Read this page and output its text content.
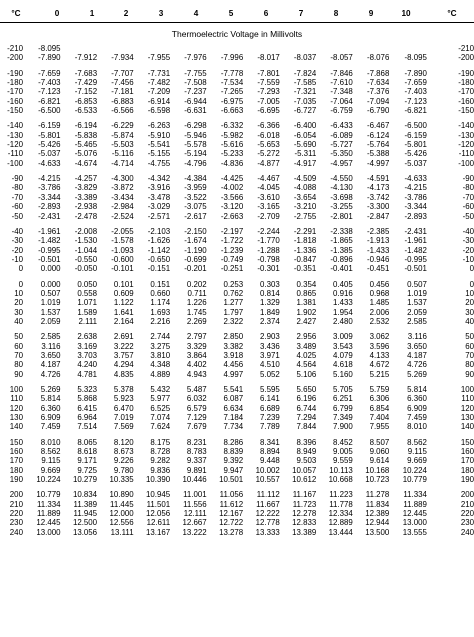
°C	0	1	2	3	4	5	6	7	8	9	10	°C
Thermoelectric Voltage in Millivolts
-210	-8.095											-210
-200	-7.890	-7.912	-7.934	-7.955	-7.976	-7.996	-8.017	-8.037	-8.057	-8.076	-8.095	-200

-190	-7.659	-7.683	-7.707	-7.731	-7.755	-7.778	-7.801	-7.824	-7.846	-7.868	-7.890	-190
-180	-7.403	-7.429	-7.456	-7.482	-7.508	-7.534	-7.559	-7.585	-7.610	-7.634	-7.659	-180
-170	-7.123	-7.152	-7.181	-7.209	-7.237	-7.265	-7.293	-7.321	-7.348	-7.376	-7.403	-170
-160	-6.821	-6.853	-6.883	-6.914	-6.944	-6.975	-7.005	-7.035	-7.064	-7.094	-7.123	-160
-150	-6.500	-6.533	-6.566	-6.598	-6.631	-6.663	-6.695	-6.727	-6.759	-6.790	-6.821	-150

-140	-6.159	-6.194	-6.229	-6.263	-6.298	-6.332	-6.366	-6.400	-6.433	-6.467	-6.500	-140
-130	-5.801	-5.838	-5.874	-5.910	-5.946	-5.982	-6.018	-6.054	-6.089	-6.124	-6.159	-130
-120	-5.426	-5.465	-5.503	-5.541	-5.578	-5.616	-5.653	-5.690	-5.727	-5.764	-5.801	-120
-110	-5.037	-5.076	-5.116	-5.155	-5.194	-5.233	-5.272	-5.311	-5.350	-5.388	-5.426	-110
-100	-4.633	-4.674	-4.714	-4.755	-4.796	-4.836	-4.877	-4.917	-4.957	-4.997	-5.037	-100

-90	-4.215	-4.257	-4.300	-4.342	-4.384	-4.425	-4.467	-4.509	-4.550	-4.591	-4.633	-90
-80	-3.786	-3.829	-3.872	-3.916	-3.959	-4.002	-4.045	-4.088	-4.130	-4.173	-4.215	-80
-70	-3.344	-3.389	-3.434	-3.478	-3.522	-3.566	-3.610	-3.654	-3.698	-3.742	-3.786	-70
-60	-2.893	-2.938	-2.984	-3.029	-3.075	-3.120	-3.165	-3.210	-3.255	-3.300	-3.344	-60
-50	-2.431	-2.478	-2.524	-2.571	-2.617	-2.663	-2.709	-2.755	-2.801	-2.847	-2.893	-50

-40	-1.961	-2.008	-2.055	-2.103	-2.150	-2.197	-2.244	-2.291	-2.338	-2.385	-2.431	-40
-30	-1.482	-1.530	-1.578	-1.626	-1.674	-1.722	-1.770	-1.818	-1.865	-1.913	-1.961	-30
-20	-0.995	-1.044	-1.093	-1.142	-1.190	-1.239	-1.288	-1.336	-1.385	-1.433	-1.482	-20
-10	-0.501	-0.550	-0.600	-0.650	-0.699	-0.749	-0.798	-0.847	-0.896	-0.946	-0.995	-10
0	0.000	-0.050	-0.101	-0.151	-0.201	-0.251	-0.301	-0.351	-0.401	-0.451	-0.501	0

0	0.000	0.050	0.101	0.151	0.202	0.253	0.303	0.354	0.405	0.456	0.507	0
10	0.507	0.558	0.609	0.660	0.711	0.762	0.814	0.865	0.916	0.968	1.019	10
20	1.019	1.071	1.122	1.174	1.226	1.277	1.329	1.381	1.433	1.485	1.537	20
30	1.537	1.589	1.641	1.693	1.745	1.797	1.849	1.902	1.954	2.006	2.059	30
40	2.059	2.111	2.164	2.216	2.269	2.322	2.374	2.427	2.480	2.532	2.585	40

50	2.585	2.638	2.691	2.744	2.797	2.850	2.903	2.956	3.009	3.062	3.116	50
60	3.116	3.169	3.222	3.275	3.329	3.382	3.436	3.489	3.543	3.596	3.650	60
70	3.650	3.703	3.757	3.810	3.864	3.918	3.971	4.025	4.079	4.133	4.187	70
80	4.187	4.240	4.294	4.348	4.402	4.456	4.510	4.564	4.618	4.672	4.726	80
90	4.726	4.781	4.835	4.889	4.943	4.997	5.052	5.106	5.160	5.215	5.269	90

100	5.269	5.323	5.378	5.432	5.487	5.541	5.595	5.650	5.705	5.759	5.814	100
110	5.814	5.868	5.923	5.977	6.032	6.087	6.141	6.196	6.251	6.306	6.360	110
120	6.360	6.415	6.470	6.525	6.579	6.634	6.689	6.744	6.799	6.854	6.909	120
130	6.909	6.964	7.019	7.074	7.129	7.184	7.239	7.294	7.349	7.404	7.459	130
140	7.459	7.514	7.569	7.624	7.679	7.734	7.789	7.844	7.900	7.955	8.010	140

150	8.010	8.065	8.120	8.175	8.231	8.286	8.341	8.396	8.452	8.507	8.562	150
160	8.562	8.618	8.673	8.728	8.783	8.839	8.894	8.949	9.005	9.060	9.115	160
170	9.115	9.171	9.226	9.282	9.337	9.392	9.448	9.503	9.559	9.614	9.669	170
180	9.669	9.725	9.780	9.836	9.891	9.947	10.002	10.057	10.113	10.168	10.224	180
190	10.224	10.279	10.335	10.390	10.446	10.501	10.557	10.612	10.668	10.723	10.779	190

200	10.779	10.834	10.890	10.945	11.001	11.056	11.112	11.167	11.223	11.278	11.334	200
210	11.334	11.389	11.445	11.501	11.556	11.612	11.667	11.723	11.778	11.834	11.889	210
220	11.889	11.945	12.000	12.056	12.111	12.167	12.222	12.278	12.334	12.389	12.445	220
230	12.445	12.500	12.556	12.611	12.667	12.722	12.778	12.833	12.889	12.944	13.000	230
240	13.000	13.056	13.111	13.167	13.222	13.278	13.333	13.389	13.444	13.500	13.555	240
